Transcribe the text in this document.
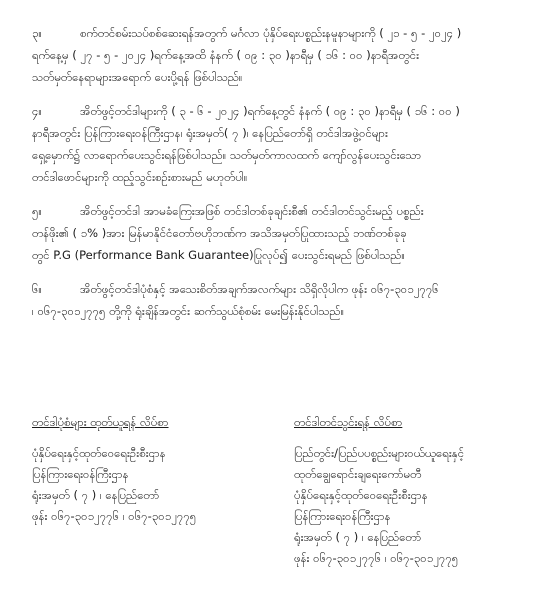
၃။	စက်တင်စမ်းသပ်စစ်ဆေးရန်အတွက် မင်္ဂလာ ပုံနှိပ်ရေးပစ္စည်းနမူနာများကို ( ၂၁ - ၅ - ၂၀၂၄ )
ရက်နေ့မှ ( ၂၇ - ၅ - ၂၀၂၄ )ရက်နေ့အထိ နံနက် ( ၀၉ : ၃၀ )နာရီမှ ( ၁၆ : ၀၀ )နာရီအတွင်း
သတ်မှတ်နေရာများအရောက် ပေးပို့ရန် ဖြစ်ပါသည်။
၄။	အိတ်ဖွင့်တင်ဒါများကို ( ၃ - ၆ - ၂၀၂၄ )ရက်နေ့တွင် နံနက် ( ၀၉ : ၃၀ )နာရီမှ ( ၁၆ : ၀၀ )
နာရီအတွင်း ပြန်ကြားရေးဝန်ကြီးဌာန၊ ရုံးအမှတ်( ၇ )၊ နေပြည်တော်ရှိ တင်ဒါအဖွဲ့ဝင်များ
ရှေ့မှောက်၌ လာရောက်ပေးသွင်းရန်ဖြစ်ပါသည်။ သတ်မှတ်ကာလထက် ကျော်လွန်ပေးသွင်းသော
တင်ဒါဖောင်များကို ထည့်သွင်းစဉ်းစားမည် မဟုတ်ပါ။
၅။	အိတ်ဖွင့်တင်ဒါ အာမခံကြေးအဖြစ် တင်ဒါတစ်ခုချင်းစီ၏ တင်ဒါတင်သွင်းမည့် ပစ္စည်း
တန်ဖိုး၏ ( ၁% )အား မြန်မာနိုင်ငံတော်ဗဟိုဘဏ်က အသိအမှတ်ပြုထားသည့် ဘဏ်တစ်ခုခု
တွင် P.G (Performance Bank Guarantee)ပြုလုပ်၍ ပေးသွင်းရမည် ဖြစ်ပါသည်။
၆။	အိတ်ဖွင့်တင်ဒါပုံစံနှင့် အသေးစိတ်အချက်အလက်များ သိရှိလိုပါက ဖုန်း ၀၆၇-၃၀၁၂၇၇၆
၊ ၀၆၇-၃၀၁၂၇၇၅ တို့ကို ရုံးချိန်အတွင်း ဆက်သွယ်စုံစမ်း မေးမြန်းနိုင်ပါသည်။
တင်ဒါပုံစံများ ထုတ်ယူရန် လိပ်စာ
ပုံနှိပ်ရေးနှင့်ထုတ်ဝေရေးဦးစီးဌာန
ပြန်ကြားရေးဝန်ကြီးဌာန
ရုံးအမှတ် ( ၇ ) ၊ နေပြည်တော်
ဖုန်း ၀၆၇-၃၀၁၂၇၇၆ ၊ ၀၆၇-၃၀၁၂၇၇၅
တင်ဒါတင်သွင်းရန် လိပ်စာ
ပြည်တွင်း/ပြည်ပပစ္စည်းများဝယ်ယူရေးနှင့်
ထုတ်ချွေရောင်းချရေးကော်မတီ
ပုံနှိပ်ရေးနှင့်ထုတ်ဝေရေးဦးစီးဌာန
ပြန်ကြားရေးဝန်ကြီးဌာန
ရုံးအမှတ် ( ၇ ) ၊ နေပြည်တော်
ဖုန်း ၀၆၇-၃၀၁၂၇၇၆ ၊ ၀၆၇-၃၀၁၂၇၇၅
